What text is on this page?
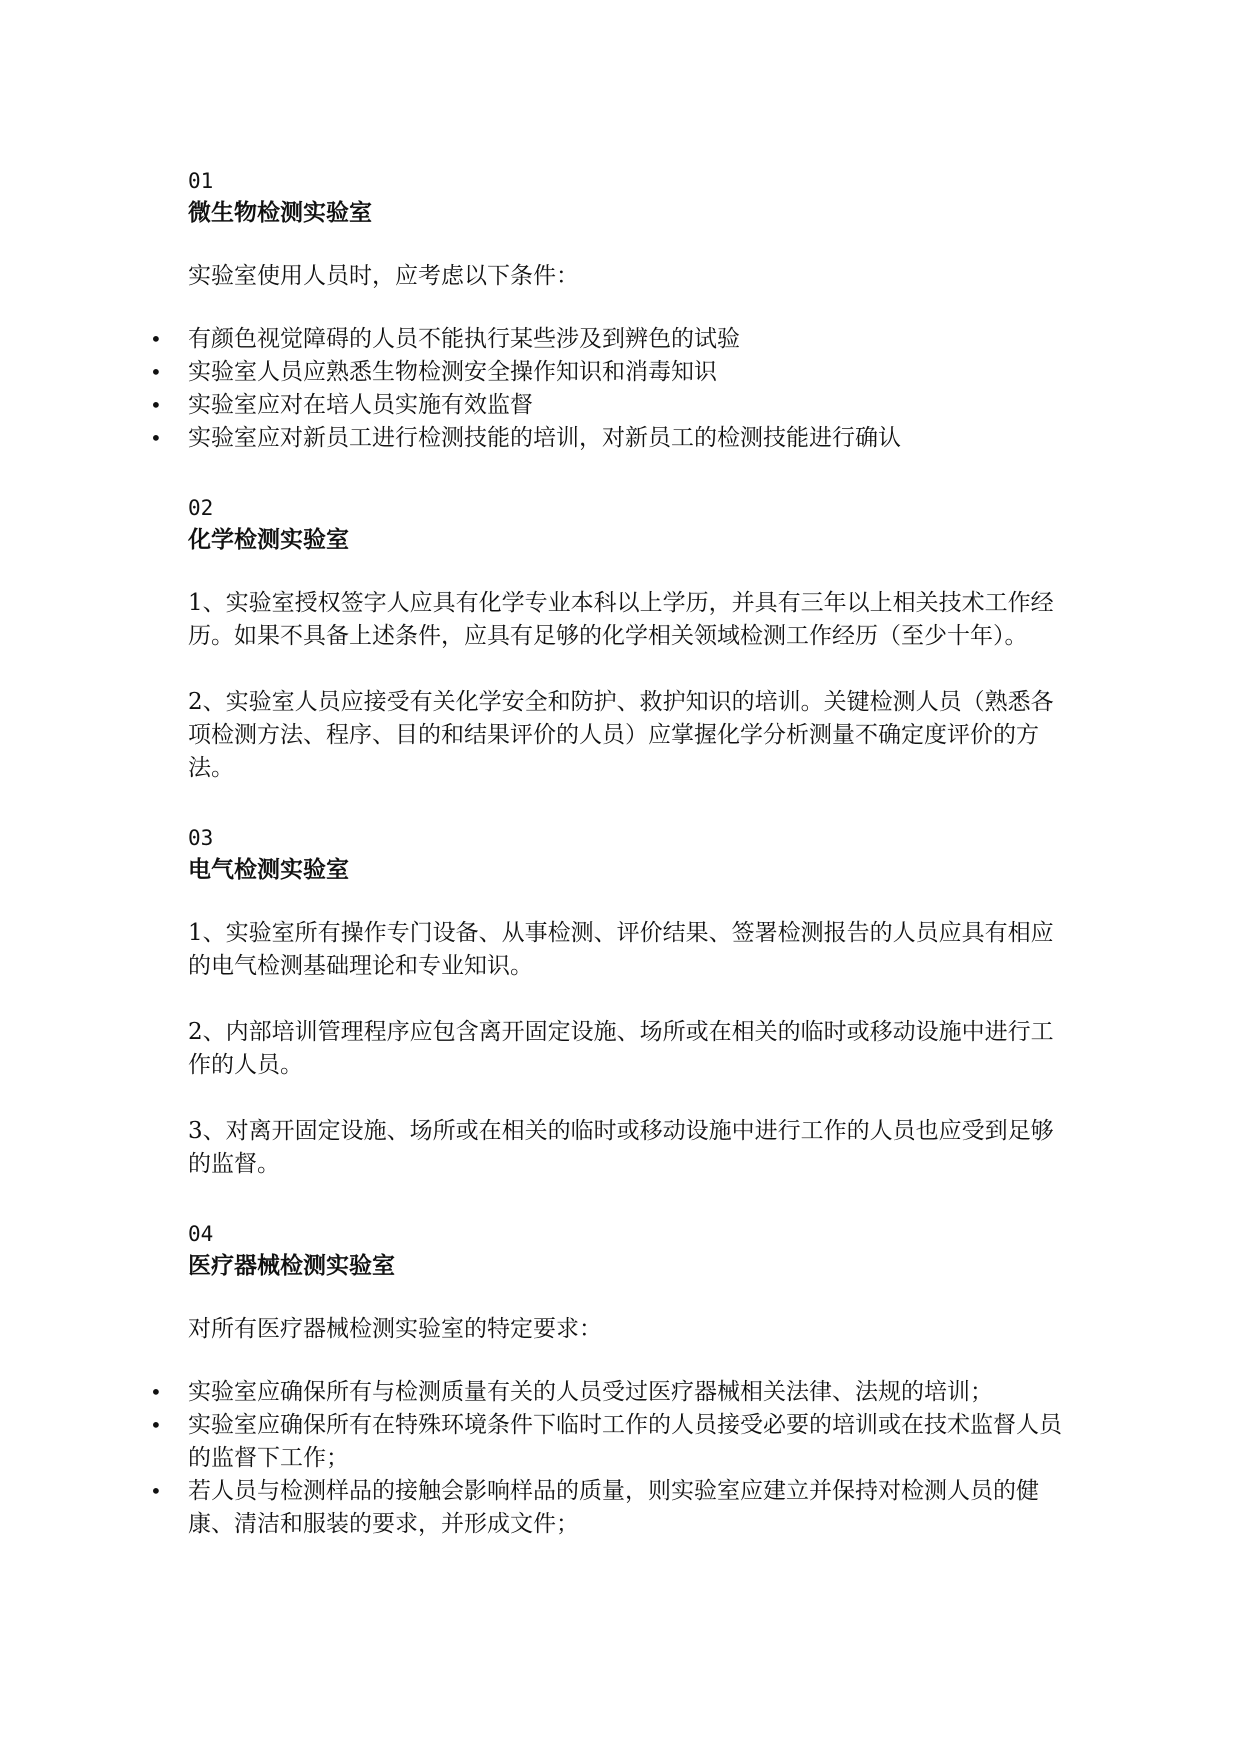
01

微生物检测实验室

实验室使用人员时，应考虑以下条件：

• 有颜色视觉障碍的人员不能执行某些涉及到辨色的试验
• 实验室人员应熟悉生物检测安全操作知识和消毒知识
• 实验室应对在培人员实施有效监督
• 实验室应对新员工进行检测技能的培训，对新员工的检测技能进行确认

02

化学检测实验室

1、实验室授权签字人应具有化学专业本科以上学历，并具有三年以上相关技术工作经历。如果不具备上述条件，应具有足够的化学相关领域检测工作经历（至少十年）。

2、实验室人员应接受有关化学安全和防护、救护知识的培训。关键检测人员（熟悉各项检测方法、程序、目的和结果评价的人员）应掌握化学分析测量不确定度评价的方法。

03

电气检测实验室

1、实验室所有操作专门设备、从事检测、评价结果、签署检测报告的人员应具有相应的电气检测基础理论和专业知识。

2、内部培训管理程序应包含离开固定设施、场所或在相关的临时或移动设施中进行工作的人员。

3、对离开固定设施、场所或在相关的临时或移动设施中进行工作的人员也应受到足够的监督。

04

医疗器械检测实验室

对所有医疗器械检测实验室的特定要求：

• 实验室应确保所有与检测质量有关的人员受过医疗器械相关法律、法规的培训；
• 实验室应确保所有在特殊环境条件下临时工作的人员接受必要的培训或在技术监督人员的监督下工作；
• 若人员与检测样品的接触会影响样品的质量，则实验室应建立并保持对检测人员的健康、清洁和服装的要求，并形成文件；
